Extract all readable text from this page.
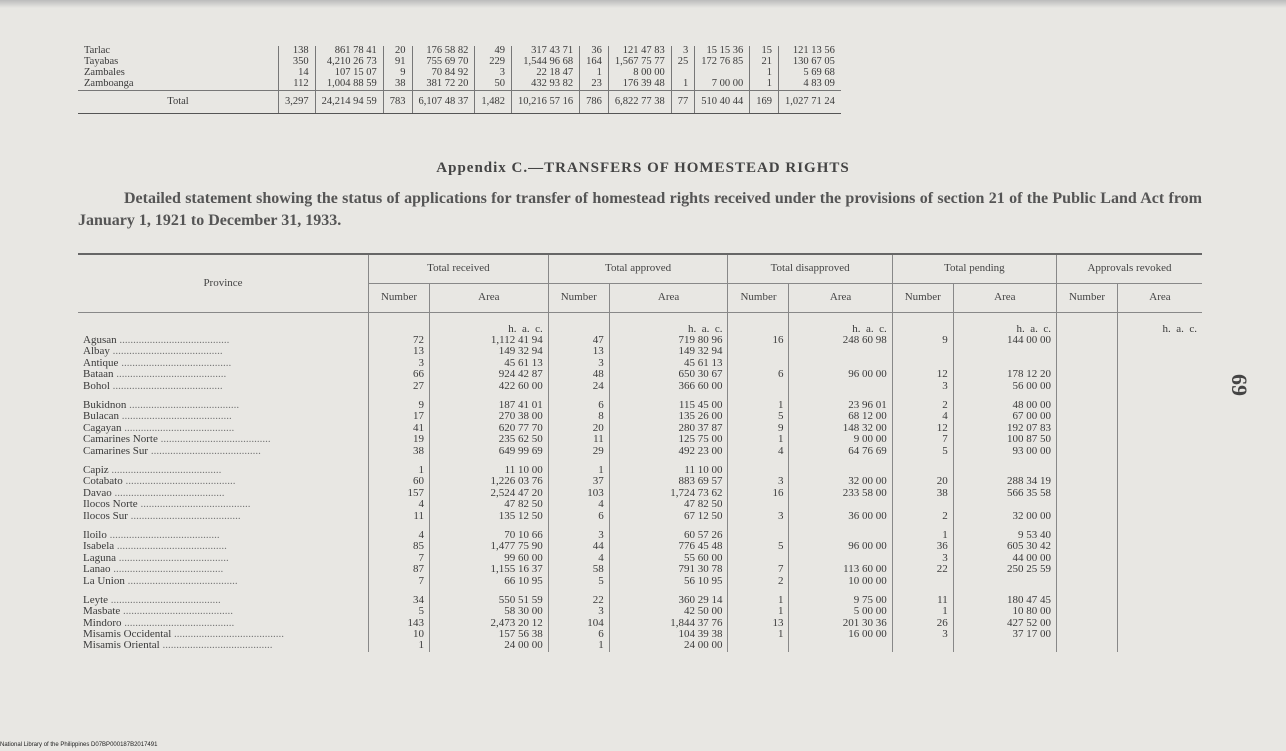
Tarlac	138	861 78 41	20	176 58 82	49	317 43 71	36	121 47 83	3	15 15 36	15	121 13 56
Tayabas	350	4,210 26 73	91	755 69 70	229	1,544 96 68	164	1,567 75 77	25	172 76 85	21	130 67 05
Zambales	14	107 15 07	9	70 84 92	3	22 18 47	1	8 00 00			1	5 69 68
Zamboanga	112	1,004 88 59	38	381 72 20	50	432 93 82	23	176 39 48	1	7 00 00	1	4 83 09
Total	3,297	24,214 94 59	783	6,107 48 37	1,482	10,216 57 16	786	6,822 77 38	77	510 40 44	169	1,027 71 24
Appendix C.—TRANSFERS OF HOMESTEAD RIGHTS
Detailed statement showing the status of applications for transfer of homestead rights received under the provisions of section 21 of the Public Land Act from January 1, 1921 to December 31, 1933.
Province	Total received		Total approved		Total disapproved		Total pending		Approvals revoked	
	Number	Area	Number	Area	Number	Area	Number	Area	Number	Area
		h.  a.  c.		h.  a.  c.		h.  a.  c.		h.  a.  c.		h.  a.  c.
Agusan ........................................	72	1,112 41 94	47	719 80 96	16	248 60 98	9	144 00 00		
Albay ........................................	13	149 32 94	13	149 32 94						
Antique ........................................	3	45 61 13	3	45 61 13						
Bataan ........................................	66	924 42 87	48	650 30 67	6	96 00 00	12	178 12 20		
Bohol ........................................	27	422 60 00	24	366 60 00			3	56 00 00		

Bukidnon ........................................	9	187 41 01	6	115 45 00	1	23 96 01	2	48 00 00		
Bulacan ........................................	17	270 38 00	8	135 26 00	5	68 12 00	4	67 00 00		
Cagayan ........................................	41	620 77 70	20	280 37 87	9	148 32 00	12	192 07 83		
Camarines Norte ........................................	19	235 62 50	11	125 75 00	1	9 00 00	7	100 87 50		
Camarines Sur ........................................	38	649 99 69	29	492 23 00	4	64 76 69	5	93 00 00		

Capiz ........................................	1	11 10 00	1	11 10 00						
Cotabato ........................................	60	1,226 03 76	37	883 69 57	3	32 00 00	20	288 34 19		
Davao ........................................	157	2,524 47 20	103	1,724 73 62	16	233 58 00	38	566 35 58		
Ilocos Norte ........................................	4	47 82 50	4	47 82 50						
Ilocos Sur ........................................	11	135 12 50	6	67 12 50	3	36 00 00	2	32 00 00		

Iloilo ........................................	4	70 10 66	3	60 57 26			1	9 53 40		
Isabela ........................................	85	1,477 75 90	44	776 45 48	5	96 00 00	36	605 30 42		
Laguna ........................................	7	99 60 00	4	55 60 00			3	44 00 00		
Lanao ........................................	87	1,155 16 37	58	791 30 78	7	113 60 00	22	250 25 59		
La Union ........................................	7	66 10 95	5	56 10 95	2	10 00 00				

Leyte ........................................	34	550 51 59	22	360 29 14	1	9 75 00	11	180 47 45		
Masbate ........................................	5	58 30 00	3	42 50 00	1	5 00 00	1	10 80 00		
Mindoro ........................................	143	2,473 20 12	104	1,844 37 76	13	201 30 36	26	427 52 00		
Misamis Occidental ........................................	10	157 56 38	6	104 39 38	1	16 00 00	3	37 17 00		
Misamis Oriental ........................................	1	24 00 00	1	24 00 00						
69
National Library of the Philippines D07BP000187B2017491
